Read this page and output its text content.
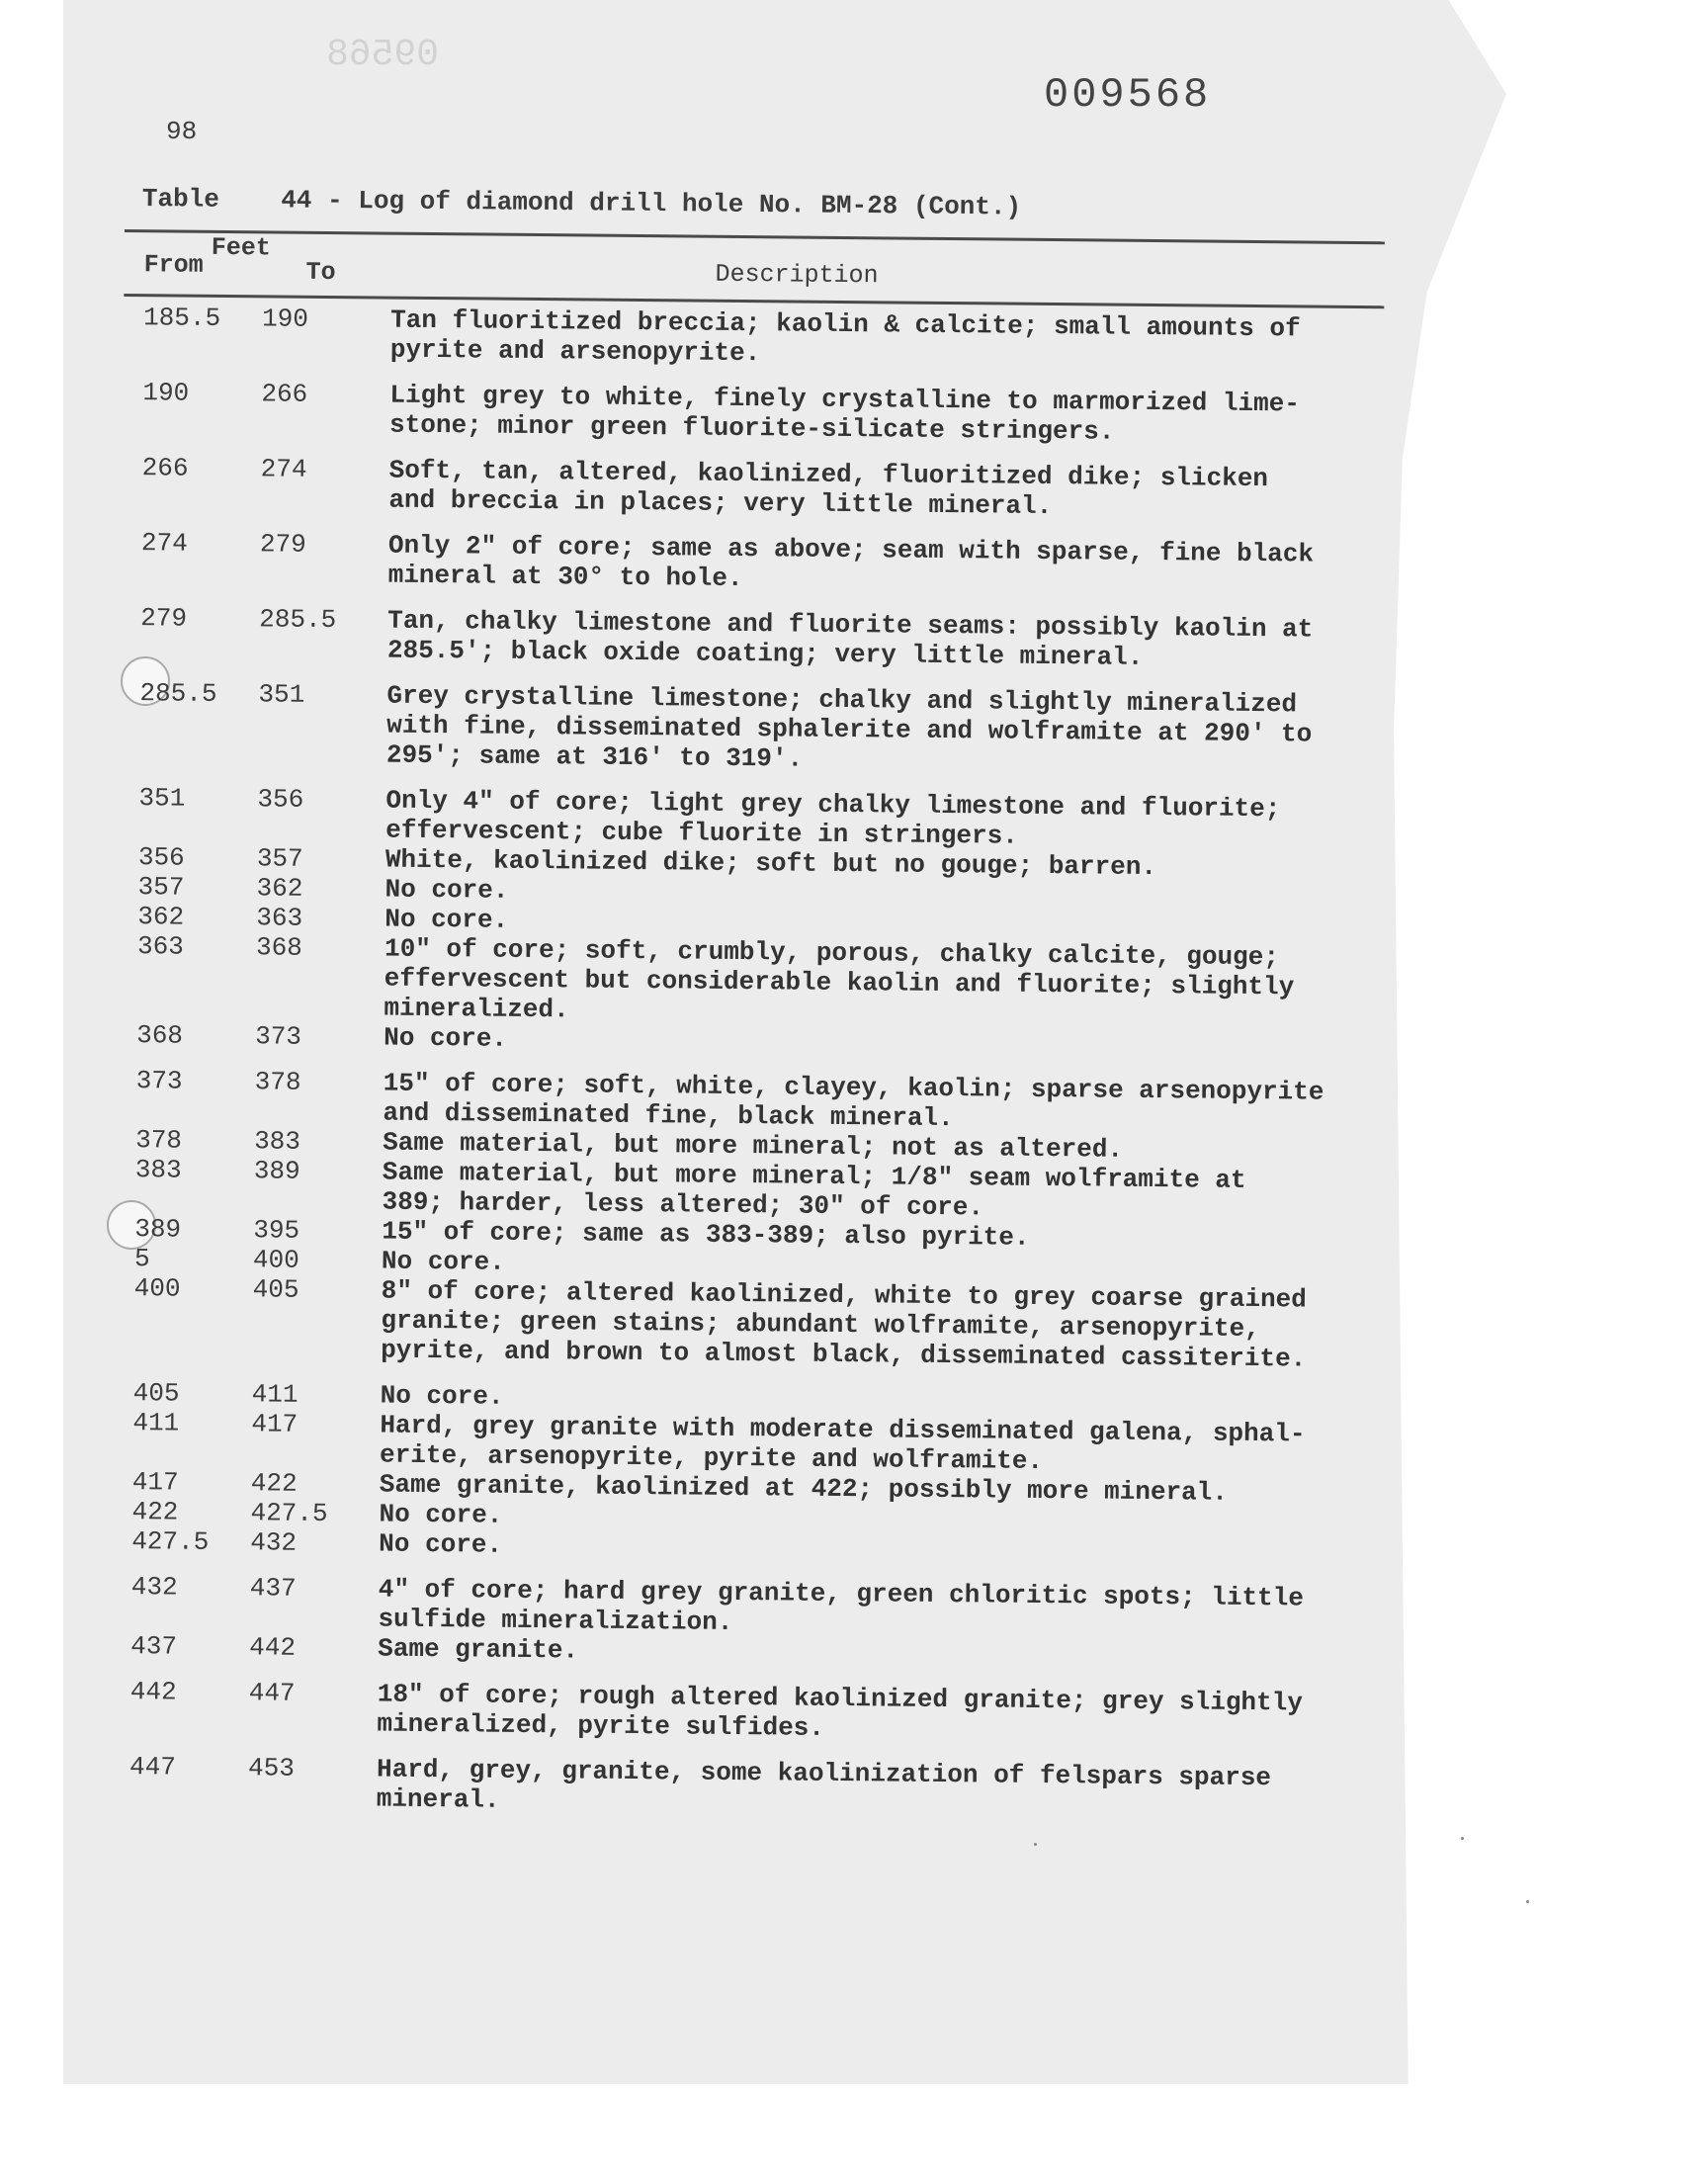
09568
98
009568
Table    44 - Log of diamond drill hole No. BM-28 (Cont.)
Feet
From	To	Description
185.5	190	Tan fluoritized breccia; kaolin & calcite; small amounts of
pyrite and arsenopyrite.
190	266	Light grey to white, finely crystalline to marmorized lime-
stone; minor green fluorite-silicate stringers.
266	274	Soft, tan, altered, kaolinized, fluoritized dike; slicken
and breccia in places; very little mineral.
274	279	Only 2" of core; same as above; seam with sparse, fine black
mineral at 30° to hole.
279	285.5	Tan, chalky limestone and fluorite seams: possibly kaolin at
285.5'; black oxide coating; very little mineral.
285.5	351	Grey crystalline limestone; chalky and slightly mineralized
with fine, disseminated sphalerite and wolframite at 290' to
295'; same at 316' to 319'.
351	356	Only 4" of core; light grey chalky limestone and fluorite;
effervescent; cube fluorite in stringers.
356	357	White, kaolinized dike; soft but no gouge; barren.
357	362	No core.
362	363	No core.
363	368	10" of core; soft, crumbly, porous, chalky calcite, gouge;
effervescent but considerable kaolin and fluorite; slightly
mineralized.
368	373	No core.
373	378	15" of core; soft, white, clayey, kaolin; sparse arsenopyrite
and disseminated fine, black mineral.
378	383	Same material, but more mineral; not as altered.
383	389	Same material, but more mineral; 1/8" seam wolframite at
389; harder, less altered; 30" of core.
389	395	15" of core; same as 383-389; also pyrite.
5	400	No core.
400	405	8" of core; altered kaolinized, white to grey coarse grained
granite; green stains; abundant wolframite, arsenopyrite,
pyrite, and brown to almost black, disseminated cassiterite.
405	411	No core.
411	417	Hard, grey granite with moderate disseminated galena, sphal-
erite, arsenopyrite, pyrite and wolframite.
417	422	Same granite, kaolinized at 422; possibly more mineral.
422	427.5	No core.
427.5	432	No core.
432	437	4" of core; hard grey granite, green chloritic spots; little
sulfide mineralization.
437	442	Same granite.
442	447	18" of core; rough altered kaolinized granite; grey slightly
mineralized, pyrite sulfides.
447	453	Hard, grey, granite, some kaolinization of felspars sparse
mineral.
